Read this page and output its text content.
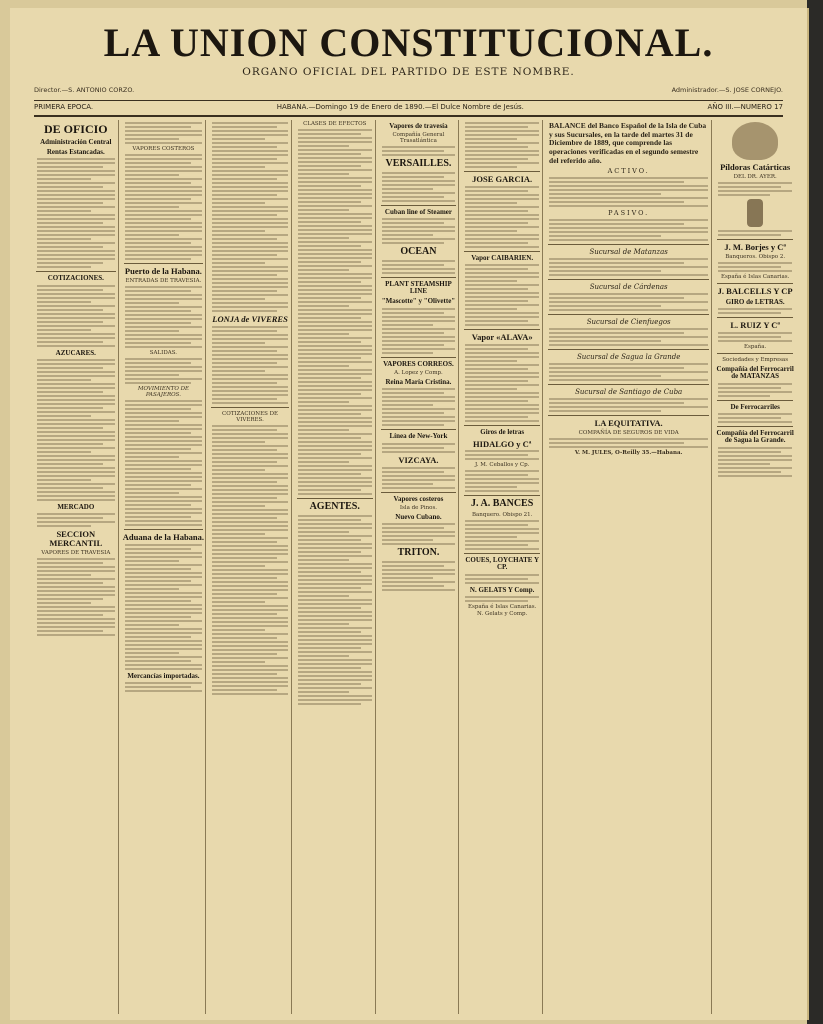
LA UNION CONSTITUCIONAL.
ORGANO OFICIAL DEL PARTIDO DE ESTE NOMBRE.
Director.—S. ANTONIO CORZO.	Administrador.—S. JOSE CORNEJO.
PRIMERA EPOCA.	HABANA.—Domingo 19 de Enero de 1890.—El Dulce Nombre de Jesús.	AÑO III.—NUMERO 17
DE OFICIO
Administración Central
Rentas Estancadas.
COTIZACIONES.
AZUCARES.
MERCADO
SECCION MERCANTIL
VAPORES DE TRAVESIA
VAPORES COSTEROS
Puerto de la Habana.
ENTRADAS DE TRAVESIA.
SALIDAS.
MOVIMIENTO DE PASAJEROS.
Aduana de la Habana.
Mercancías importadas.
LONJA de VIVERES
COTIZACIONES DE VIVERES.
CLASES DE EFECTOS
AGENTES.
Vapores de travesía
Compañía General Trasatlántica
VERSAILLES.
Cuban line of Steamer
OCEAN
PLANT STEAMSHIP LINE
"Mascotte" y "Olivette"
VAPORES CORREOS.
A. Lopez y Comp.
Reina María Cristina.
Línea de New-York
VIZCAYA.
Vapores costeros
Isla de Pinos.
Nuevo Cubano.
TRITON.
JOSE GARCIA.
Vapor CAIBARIEN.
Vapor «ALAVA»
Giros de letras
HIDALGO y Cª
J. M. Ceballos y Cp.
J. A. BANCES
Banquero. Obispo 21.
COUES, LOYCHATE Y CP.
N. GELATS Y Comp.
España é Islas Canarias.
N. Gelats y Comp.
BALANCE del Banco Español de la Isla de Cuba y sus Sucursales, en la tarde del martes 31 de Diciembre de 1889, que comprende las operaciones verificadas en el segundo semestre del referido año.
ACTIVO.
PASIVO.
Sucursal de Matanzas
Sucursal de Cárdenas
Sucursal de Cienfuegos
Sucursal de Sagua la Grande
Sucursal de Santiago de Cuba
LA EQUITATIVA.
COMPAÑÍA DE SEGUROS DE VIDA
V. M. JULES, O-Reilly 35.—Habana.
Píldoras Catárticas
DEL DR. AYER.
J. M. Borjes y Cª
Banqueros. Obispo 2.
España é Islas Canarias.
J. BALCELLS Y CP
GIRO de LETRAS.
L. RUIZ Y Cª
España.
Sociedades y Empresas
Compañía del Ferrocarril de MATANZAS
De Ferrocarriles
Compañía del Ferrocarril de Sagua la Grande.
